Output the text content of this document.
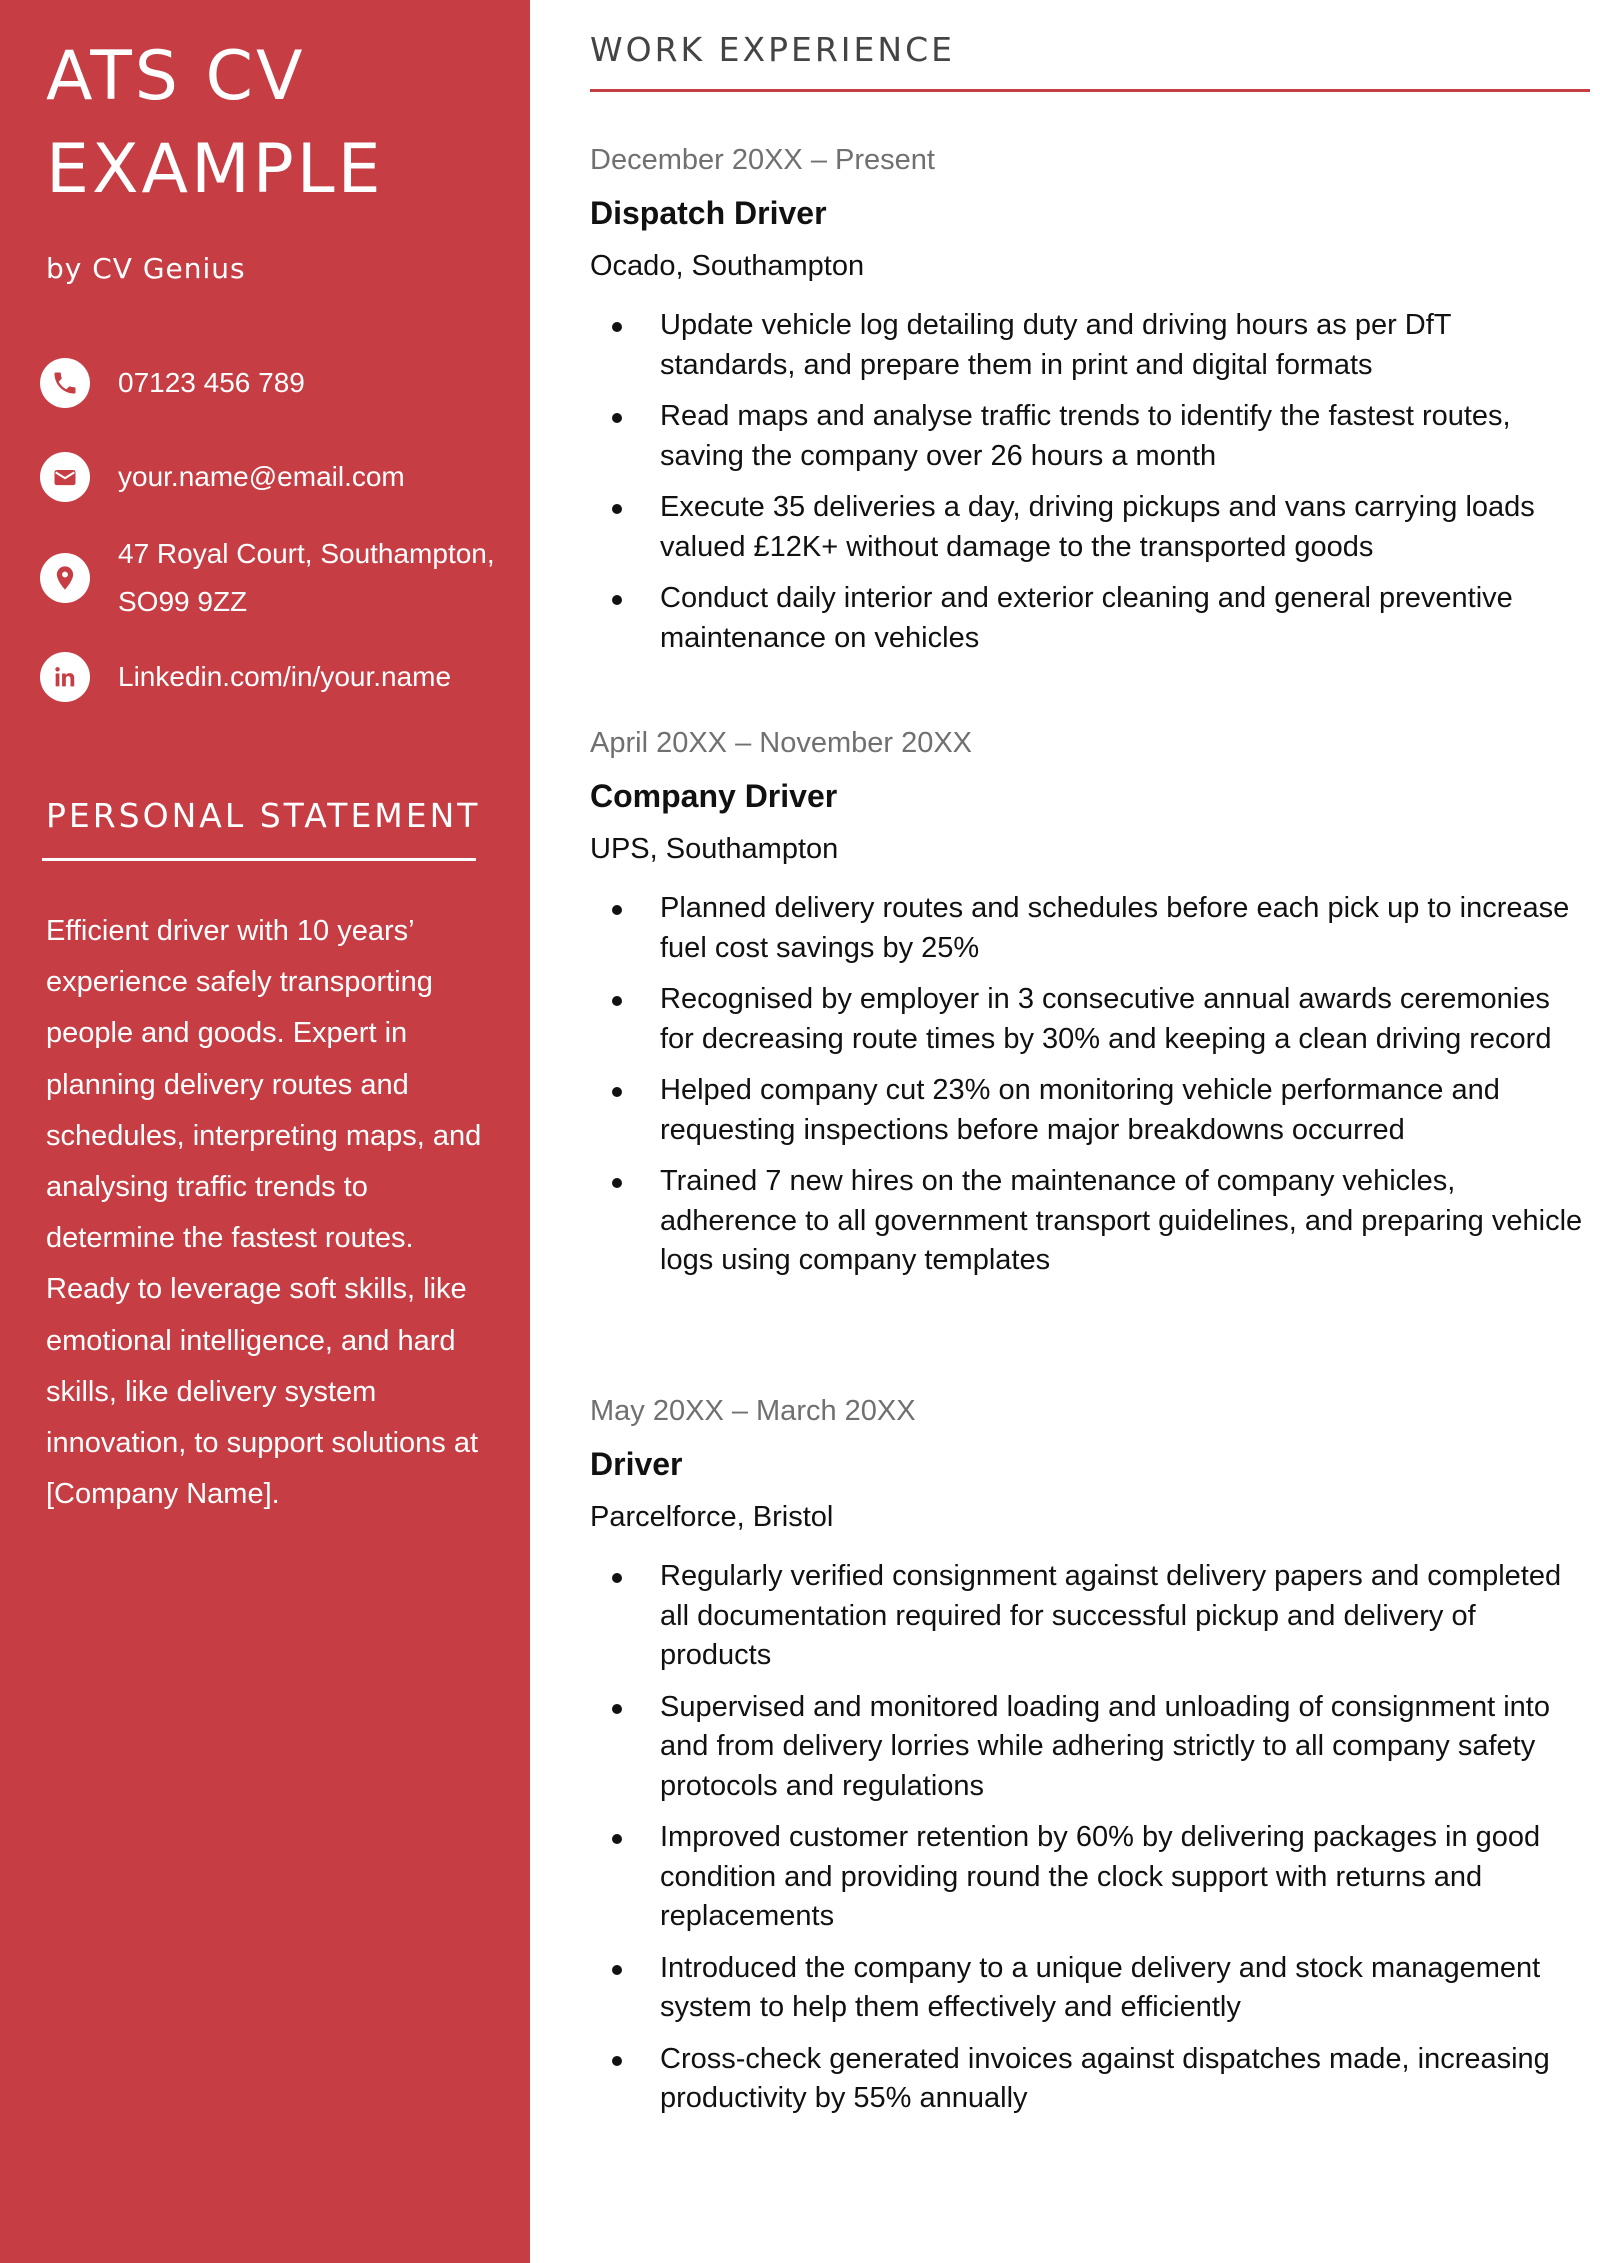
ATS CV
EXAMPLE
by CV Genius
07123 456 789
your.name@email.com
47 Royal Court, Southampton, SO99 9ZZ
Linkedin.com/in/your.name
PERSONAL STATEMENT

Efficient driver with 10 years’ experience safely transporting people and goods. Expert in planning delivery routes and schedules, interpreting maps, and analysing traffic trends to determine the fastest routes. Ready to leverage soft skills, like emotional intelligence, and hard skills, like delivery system innovation, to support solutions at [Company Name].

WORK EXPERIENCE
December 20XX – Present
Dispatch Driver
Ocado, Southampton
Update vehicle log detailing duty and driving hours as per DfT standards, and prepare them in print and digital formats
Read maps and analyse traffic trends to identify the fastest routes, saving the company over 26 hours a month
Execute 35 deliveries a day, driving pickups and vans carrying loads valued £12K+ without damage to the transported goods
Conduct daily interior and exterior cleaning and general preventive maintenance on vehicles
April 20XX – November 20XX
Company Driver
UPS, Southampton
Planned delivery routes and schedules before each pick up to increase fuel cost savings by 25%
Recognised by employer in 3 consecutive annual awards ceremonies for decreasing route times by 30% and keeping a clean driving record
Helped company cut 23% on monitoring vehicle performance and requesting inspections before major breakdowns occurred
Trained 7 new hires on the maintenance of company vehicles, adherence to all government transport guidelines, and preparing vehicle logs using company templates
May 20XX – March 20XX
Driver
Parcelforce, Bristol
Regularly verified consignment against delivery papers and completed all documentation required for successful pickup and delivery of products
Supervised and monitored loading and unloading of consignment into and from delivery lorries while adhering strictly to all company safety protocols and regulations
Improved customer retention by 60% by delivering packages in good condition and providing round the clock support with returns and replacements
Introduced the company to a unique delivery and stock management system to help them effectively and efficiently
Cross-check generated invoices against dispatches made, increasing productivity by 55% annually
